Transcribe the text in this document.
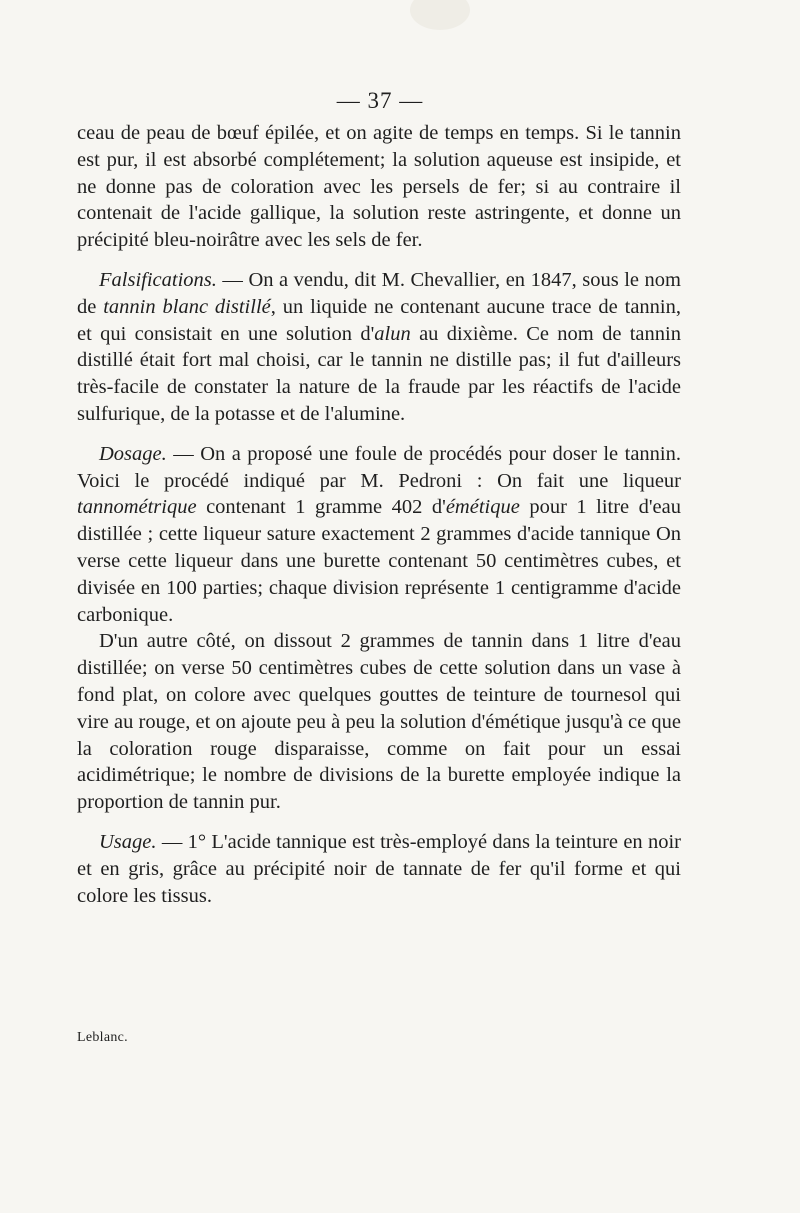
— 37 —

ceau de peau de bœuf épilée, et on agite de temps en temps. Si le tannin est pur, il est absorbé complétement; la solution aqueuse est insipide, et ne donne pas de coloration avec les persels de fer; si au contraire il contenait de l'acide gallique, la solution reste astringente, et donne un précipité bleu-noirâtre avec les sels de fer.

Falsifications. — On a vendu, dit M. Chevallier, en 1847, sous le nom de tannin blanc distillé, un liquide ne contenant aucune trace de tannin, et qui consistait en une solution d'alun au dixième. Ce nom de tannin distillé était fort mal choisi, car le tannin ne distille pas; il fut d'ailleurs très-facile de constater la nature de la fraude par les réactifs de l'acide sulfurique, de la potasse et de l'alumine.

Dosage. — On a proposé une foule de procédés pour doser le tannin. Voici le procédé indiqué par M. Pedroni : On fait une liqueur tannométrique contenant 1 gramme 402 d'émétique pour 1 litre d'eau distillée ; cette liqueur sature exactement 2 grammes d'acide tannique On verse cette liqueur dans une burette contenant 50 centimètres cubes, et divisée en 100 parties; chaque division représente 1 centigramme d'acide carbonique.

D'un autre côté, on dissout 2 grammes de tannin dans 1 litre d'eau distillée; on verse 50 centimètres cubes de cette solution dans un vase à fond plat, on colore avec quelques gouttes de teinture de tournesol qui vire au rouge, et on ajoute peu à peu la solution d'émétique jusqu'à ce que la coloration rouge disparaisse, comme on fait pour un essai acidimétrique; le nombre de divisions de la burette employée indique la proportion de tannin pur.

Usage. — 1° L'acide tannique est très-employé dans la teinture en noir et en gris, grâce au précipité noir de tannate de fer qu'il forme et qui colore les tissus.

Leblanc.
